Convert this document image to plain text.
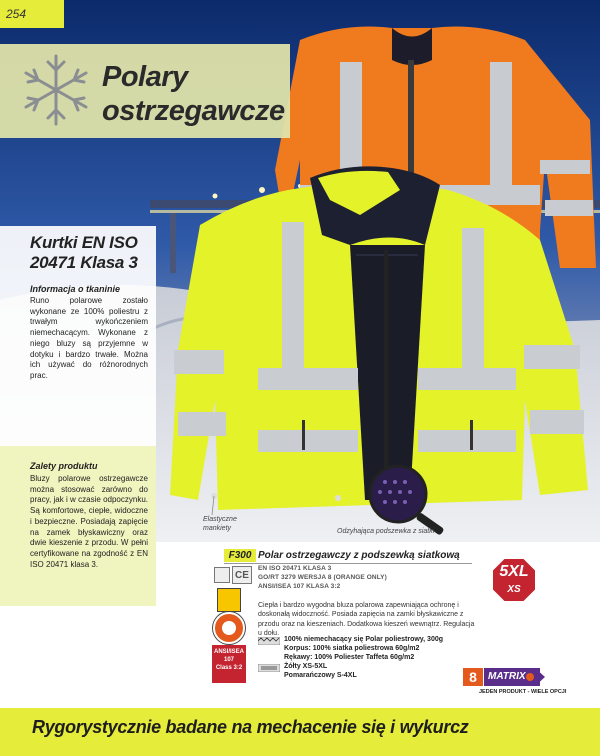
254
Polary
ostrzegawcze
Kurtki EN ISO
20471 Klasa 3
Informacja o tkaninie
Runo polarowe zostało wykonane ze 100% poliestru z trwałym wykończeniem niemechacącym. Wykonane z niego bluzy są przyjemne w dotyku i bardzo trwałe. Można ich używać do różnorodnych prac.
Zalety produktu
Bluzy polarowe ostrzegawcze można stosować zarówno do pracy, jak i w czasie odpoczynku. Są komfortowe, ciepłe, widoczne i bezpieczne. Posiadają zapięcie na zamek błyskawiczny oraz dwie kieszenie z przodu. W pełni certyfikowane na zgodność z EN ISO 20471 klasa 3.
Elastyczne
mankiety	Odzyhająca podszewka z siatki
F300 Polar ostrzegawczy z podszewką siatkową
EN ISO 20471 KLASA 3
GO/RT 3279 WERSJA 8 (ORANGE ONLY)
ANSI/ISEA 107 KLASA 3:2
5XL
XS
CE
ANSI/ISEA
107
Class 3:2
Ciepła i bardzo wygodna bluza polarowa zapewniająca ochronę i doskonałą widoczność. Posiada zapięcia na zamki błyskawiczne z przodu oraz na kieszeniach. Dodatkowa kieszeń wewnątrz. Regulacja u dołu.
100% niemechacący się Polar poliestrowy, 300g
Korpus: 100% siatka poliestrowa 60g/m2
Rękawy: 100% Poliester Taffeta 60g/m2
Żółty XS-5XL
Pomarańczowy S-4XL	8	MATRIX
JEDEN PRODUKT - WIELE OPCJI
Rygorystycznie badane na mechacenie się i wykurcz
